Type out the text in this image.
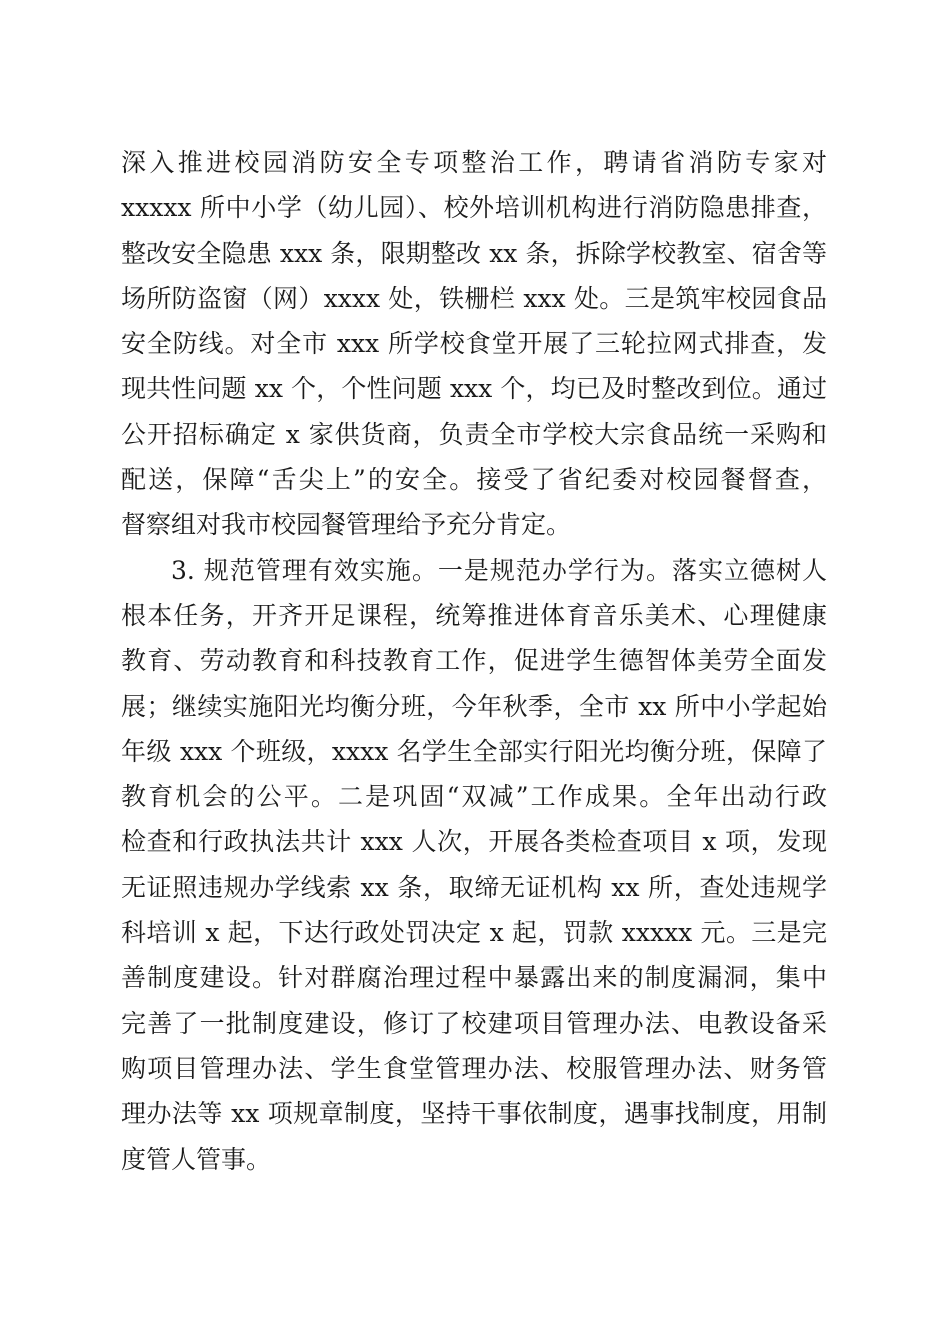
深入推进校园消防安全专项整治工作，聘请省消防专家对
xxxxx 所中小学（幼儿园）、校外培训机构进行消防隐患排查，
整改安全隐患 xxx 条，限期整改 xx 条，拆除学校教室、宿舍等
场所防盗窗（网）xxxx 处，铁栅栏 xxx 处。三是筑牢校园食品
安全防线。对全市 xxx 所学校食堂开展了三轮拉网式排查，发
现共性问题 xx 个，个性问题 xxx 个，均已及时整改到位。通过
公开招标确定 x 家供货商，负责全市学校大宗食品统一采购和
配送，保障“舌尖上”的安全。接受了省纪委对校园餐督查，
督察组对我市校园餐管理给予充分肯定。
3. 规范管理有效实施。一是规范办学行为。落实立德树人
根本任务，开齐开足课程，统筹推进体育音乐美术、心理健康
教育、劳动教育和科技教育工作，促进学生德智体美劳全面发
展；继续实施阳光均衡分班，今年秋季，全市 xx 所中小学起始
年级 xxx 个班级，xxxx 名学生全部实行阳光均衡分班，保障了
教育机会的公平。二是巩固“双减”工作成果。全年出动行政
检查和行政执法共计 xxx 人次，开展各类检查项目 x 项，发现
无证照违规办学线索 xx 条，取缔无证机构 xx 所，查处违规学
科培训 x 起，下达行政处罚决定 x 起，罚款 xxxxx 元。三是完
善制度建设。针对群腐治理过程中暴露出来的制度漏洞，集中
完善了一批制度建设，修订了校建项目管理办法、电教设备采
购项目管理办法、学生食堂管理办法、校服管理办法、财务管
理办法等 xx 项规章制度，坚持干事依制度，遇事找制度，用制
度管人管事。
